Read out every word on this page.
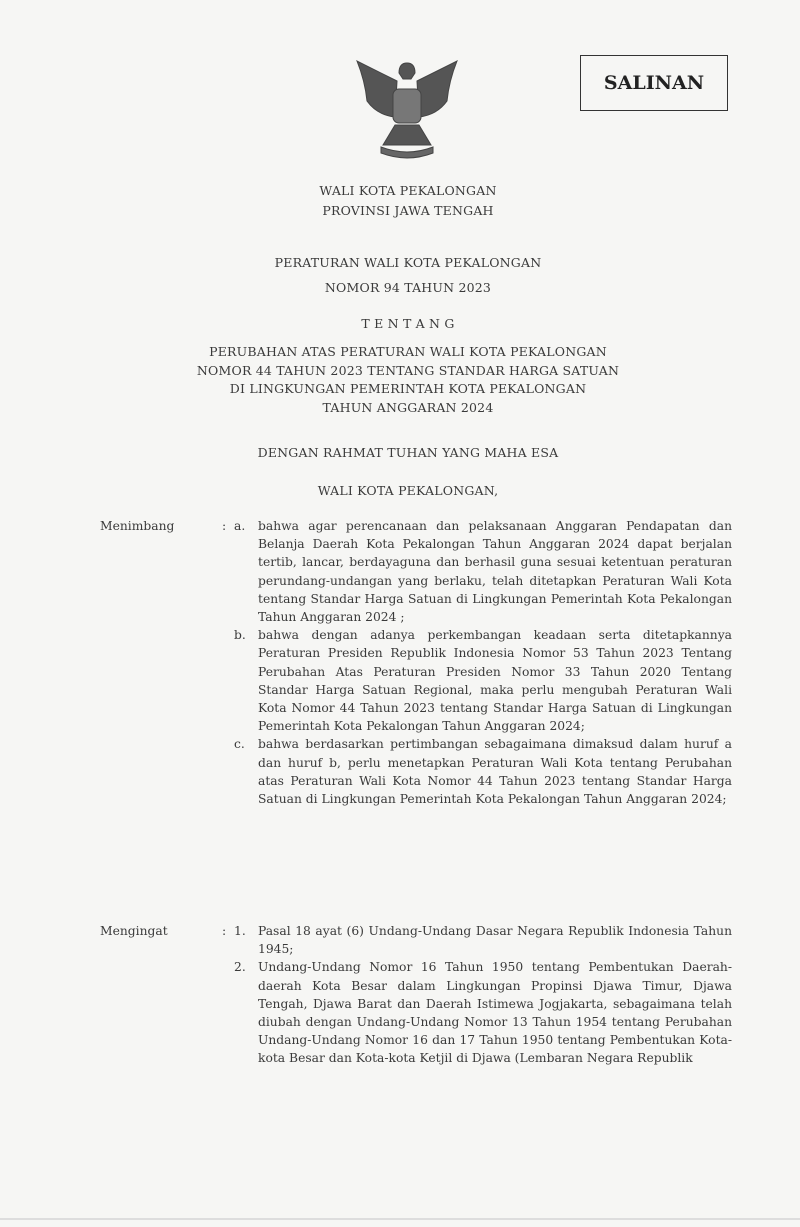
SALINAN
WALI KOTA PEKALONGAN
PROVINSI JAWA TENGAH
PERATURAN WALI KOTA PEKALONGAN
NOMOR 94 TAHUN 2023
T E N T A N G
PERUBAHAN ATAS PERATURAN WALI KOTA PEKALONGAN
NOMOR 44 TAHUN 2023 TENTANG STANDAR HARGA SATUAN
DI LINGKUNGAN PEMERINTAH KOTA PEKALONGAN
TAHUN ANGGARAN 2024
DENGAN RAHMAT TUHAN YANG MAHA ESA
WALI KOTA PEKALONGAN,
Menimbang	: a. bahwa agar perencanaan dan pelaksanaan Anggaran Pendapatan dan Belanja Daerah Kota Pekalongan Tahun Anggaran 2024 dapat berjalan tertib, lancar, berdayaguna dan berhasil guna sesuai ketentuan peraturan perundang-undangan yang berlaku, telah ditetapkan Peraturan Wali Kota tentang Standar Harga Satuan di Lingkungan Pemerintah Kota Pekalongan Tahun Anggaran 2024 ;
b. bahwa dengan adanya perkembangan keadaan serta ditetapkannya Peraturan Presiden Republik Indonesia Nomor 53 Tahun 2023 Tentang Perubahan Atas Peraturan Presiden Nomor 33 Tahun 2020 Tentang Standar Harga Satuan Regional, maka perlu mengubah Peraturan Wali Kota Nomor 44 Tahun 2023 tentang Standar Harga Satuan di Lingkungan Pemerintah Kota Pekalongan Tahun Anggaran 2024;
c. bahwa berdasarkan pertimbangan sebagaimana dimaksud dalam huruf a dan huruf b, perlu menetapkan Peraturan Wali Kota tentang Perubahan atas Peraturan Wali Kota Nomor 44 Tahun 2023 tentang Standar Harga Satuan di Lingkungan Pemerintah Kota Pekalongan Tahun Anggaran 2024;
Mengingat	: 1. Pasal 18 ayat (6) Undang-Undang Dasar Negara Republik Indonesia Tahun 1945;
2. Undang-Undang Nomor 16 Tahun 1950 tentang Pembentukan Daerah-daerah Kota Besar dalam Lingkungan Propinsi Djawa Timur, Djawa Tengah, Djawa Barat dan Daerah Istimewa Jogjakarta, sebagaimana telah diubah dengan Undang-Undang Nomor 13 Tahun 1954 tentang Perubahan Undang-Undang Nomor 16 dan 17 Tahun 1950 tentang Pembentukan Kota-kota Besar dan Kota-kota Ketjil di Djawa (Lembaran Negara Republik
